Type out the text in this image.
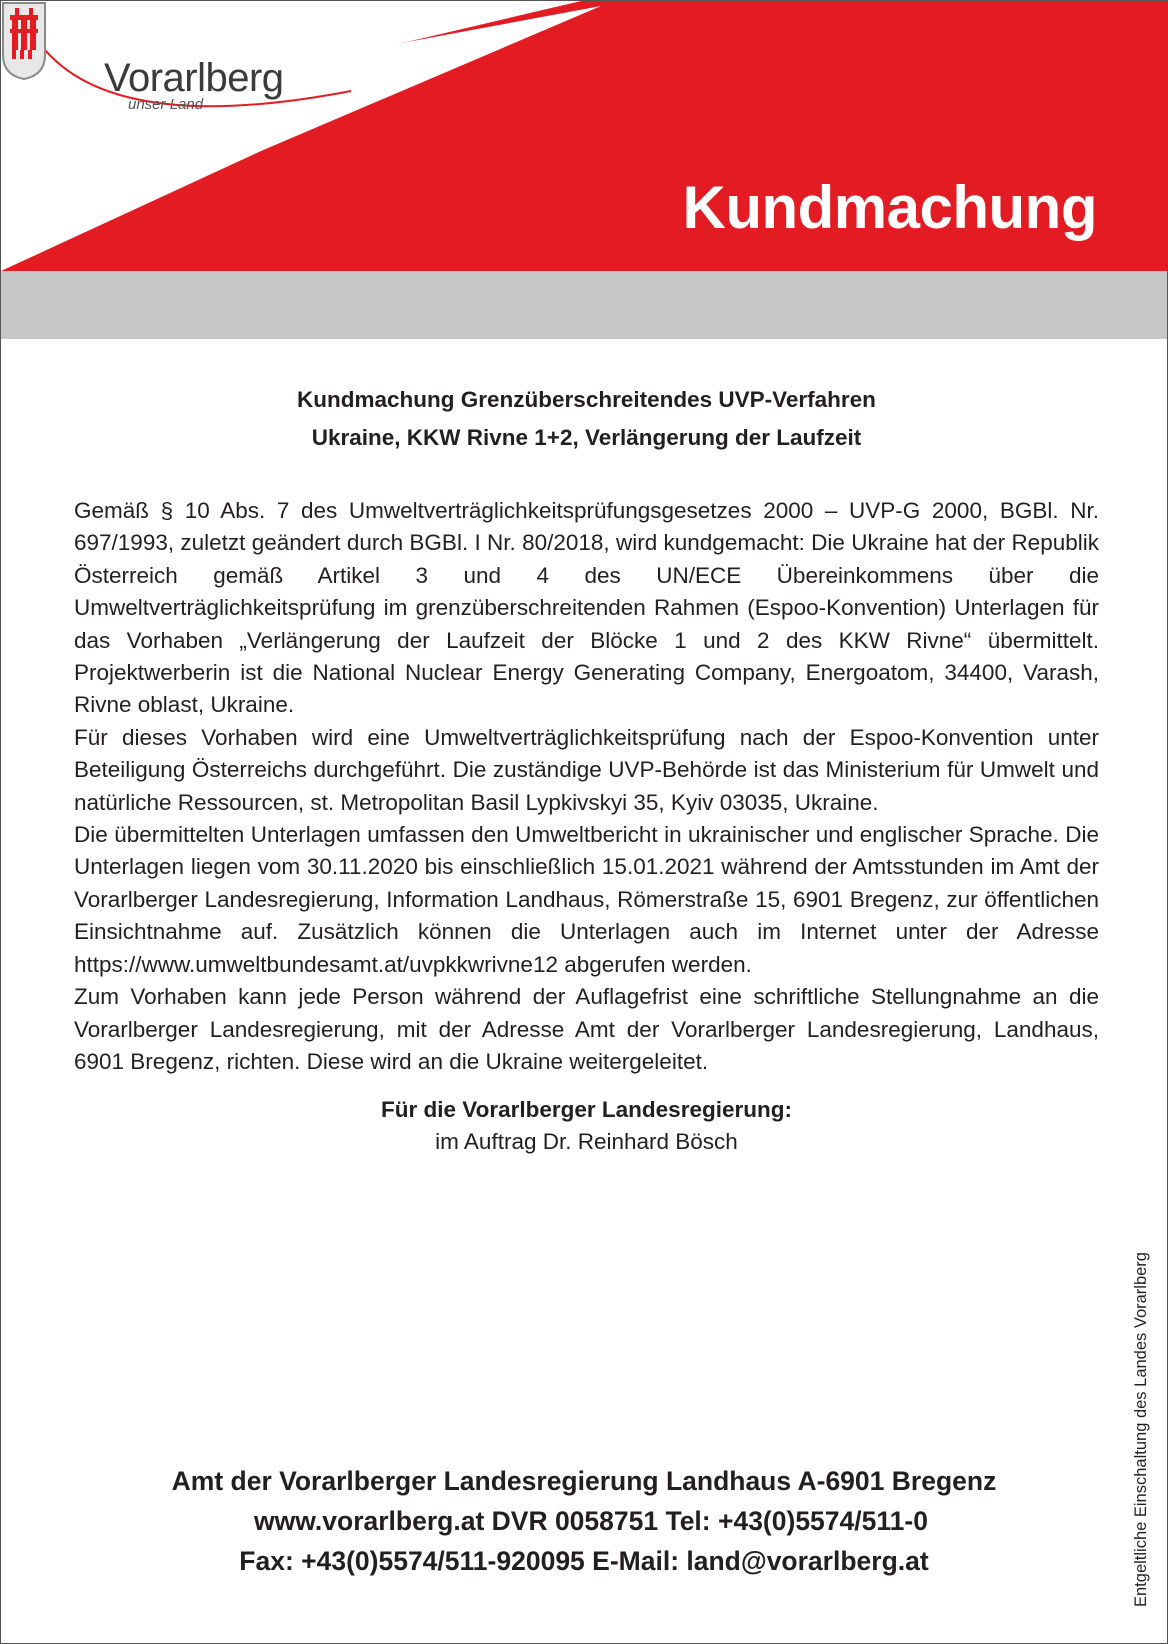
Vorarlberg
unser Land
Kundmachung
Kundmachung Grenzüberschreitendes UVP-Verfahren
Ukraine, KKW Rivne 1+2, Verlängerung der Laufzeit

Gemäß § 10 Abs. 7 des Umweltverträglichkeitsprüfungsgesetzes 2000 – UVP-G 2000, BGBl. Nr. 697/1993, zuletzt geändert durch BGBl. I Nr. 80/2018, wird kundgemacht: Die Ukraine hat der Republik Österreich gemäß Artikel 3 und 4 des UN/ECE Übereinkommens über die Umweltverträglichkeitsprüfung im grenzüberschreitenden Rahmen (Espoo-Konvention) Unterlagen für das Vorhaben „Verlängerung der Laufzeit der Blöcke 1 und 2 des KKW Rivne“ übermittelt. Projektwerberin ist die National Nuclear Energy Generating Company, Energoatom, 34400, Varash, Rivne oblast, Ukraine.

Für dieses Vorhaben wird eine Umweltverträglichkeitsprüfung nach der Espoo-Konvention unter Beteiligung Österreichs durchgeführt. Die zuständige UVP-Behörde ist das Ministerium für Umwelt und natürliche Ressourcen, st. Metropolitan Basil Lypkivskyi 35, Kyiv 03035, Ukraine.

Die übermittelten Unterlagen umfassen den Umweltbericht in ukrainischer und englischer Sprache. Die Unterlagen liegen vom 30.11.2020 bis einschließlich 15.01.2021 während der Amtsstunden im Amt der Vorarlberger Landesregierung, Information Landhaus, Römerstraße 15, 6901 Bregenz, zur öffentlichen Einsichtnahme auf. Zusätzlich können die Unterlagen auch im Internet unter der Adresse https://www.umweltbundesamt.at/uvpkkwrivne12 abgerufen werden.

Zum Vorhaben kann jede Person während der Auflagefrist eine schriftliche Stellungnahme an die Vorarlberger Landesregierung, mit der Adresse Amt der Vorarlberger Landesregierung, Landhaus, 6901 Bregenz, richten. Diese wird an die Ukraine weitergeleitet.

Für die Vorarlberger Landesregierung:
im Auftrag Dr. Reinhard Bösch
Amt der Vorarlberger Landesregierung Landhaus A-6901 Bregenz
www.vorarlberg.at DVR 0058751 Tel: +43(0)5574/511-0
Fax: +43(0)5574/511-920095 E-Mail: land@vorarlberg.at	Entgeltliche Einschaltung des Landes Vorarlberg
